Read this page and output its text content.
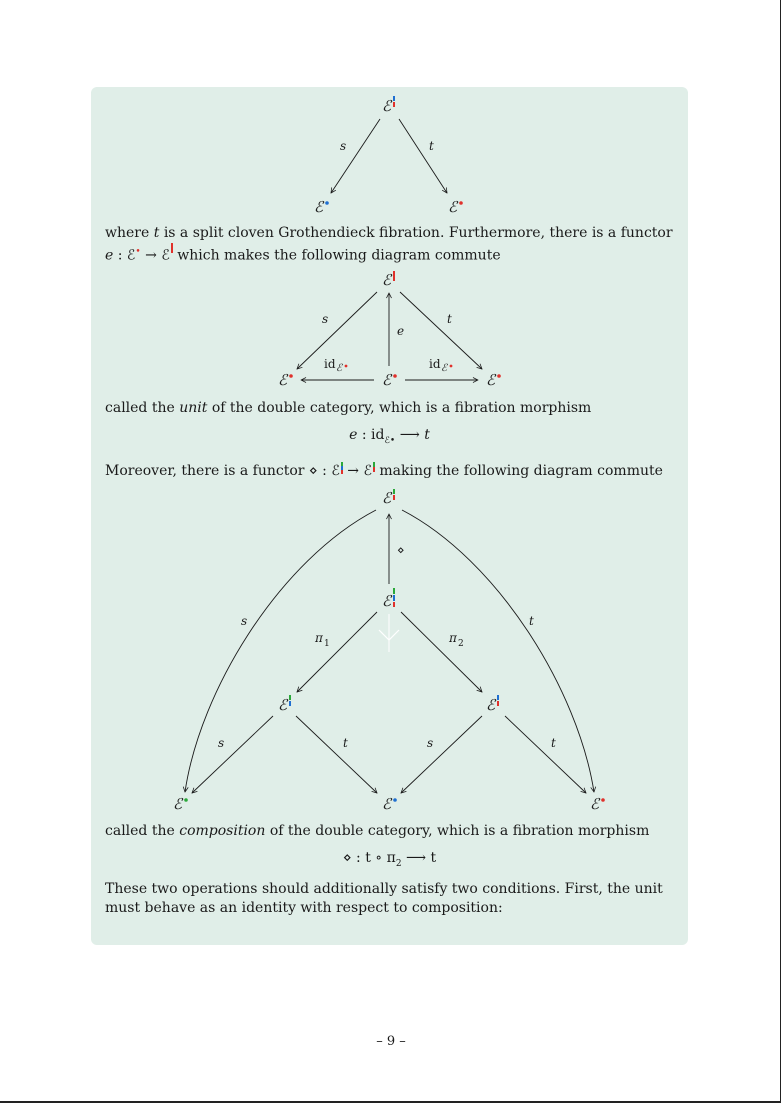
ℰ
ℰ	ℰ
s	t

where t is a split cloven Grothendieck fibration. Furthermore, there is a functor e : ℰ• → ℰ which makes the following diagram commute

ℰ
ℰ	ℰ	ℰ
s	t
e
id ℰ	id ℰ

called the unit of the double category, which is a fibration morphism

e : $id_{ℰ•}$ ⟶ t

Moreover, there is a functor ⋄ : ℰ → ℰ making the following diagram commute

ℰ
ℰ
ℰ	ℰ
ℰ	ℰ	ℰ
⋄
s	t
π 1	π 2
s	t	s	t

called the composition of the double category, which is a fibration morphism

⋄ : t ∘ $\pi_2$ ⟶ t

These two operations should additionally satisfy two conditions. First, the unit must behave as an identity with respect to composition:

– 9 –
